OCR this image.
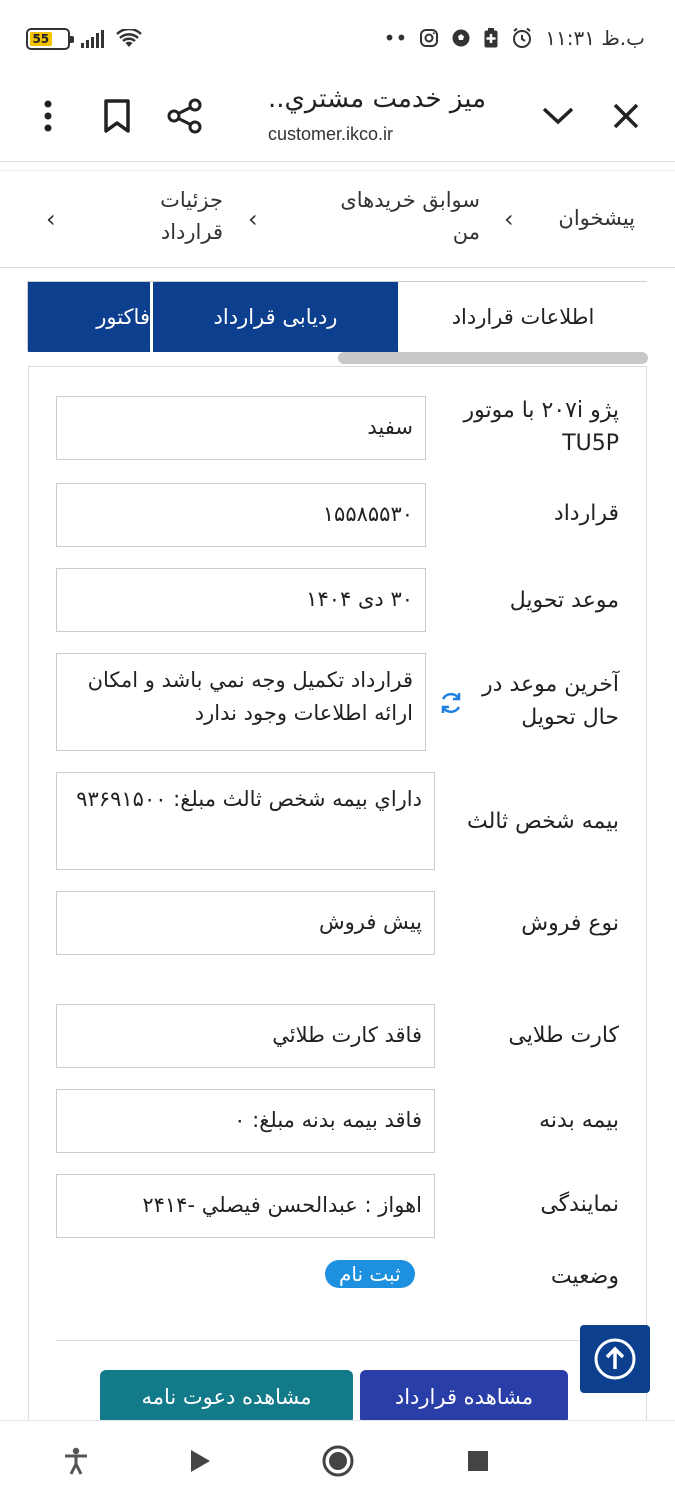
55	••	۱۱:۳۱ ب.ظ
ميز خدمت مشتري..
customer.ikco.ir
پیشخوان
‹
سوابق خریدهای من
‹
جزئیات قرارداد
‹
اطلاعات قرارداد
ردیابی قرارداد
فاکتور
پژو ۲۰۷i با موتور TU5P
سفید
قرارداد
۱۵۵۸۵۵۳۰
موعد تحویل
۳۰ دی ۱۴۰۴
آخرین موعد در حال تحویل
قرارداد تکمیل وجه نمي باشد و امکان ارائه اطلاعات وجود ندارد
بیمه شخص ثالث
داراي بیمه شخص ثالث مبلغ: ۹۳۶۹۱۵۰۰
نوع فروش
پیش فروش
کارت طلایی
فاقد کارت طلائي
بیمه بدنه
فاقد بیمه بدنه مبلغ: ۰
نمایندگی
اهواز : عبدالحسن فیصلي -۲۴۱۴
وضعیت
ثبت نام
مشاهده قرارداد
مشاهده دعوت نامه
